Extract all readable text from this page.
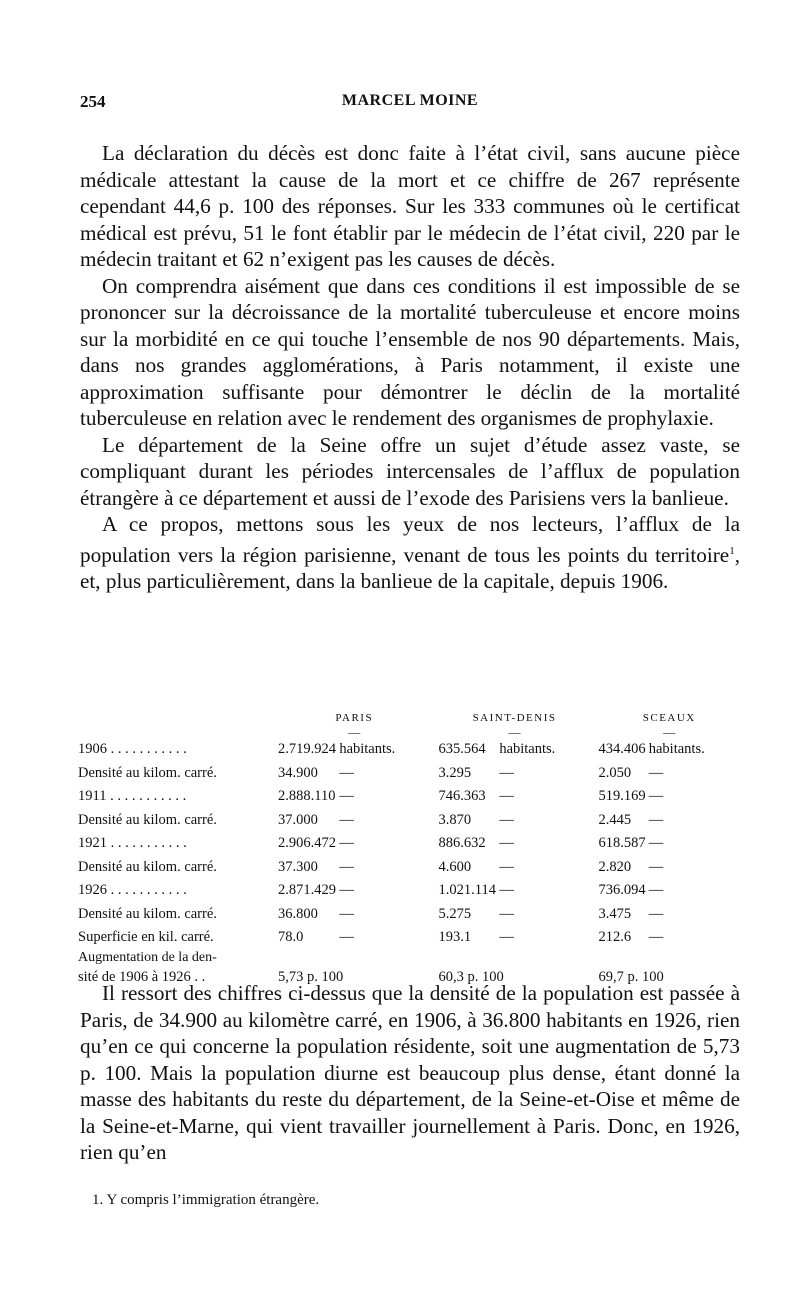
254	MARCEL MOINE

La déclaration du décès est donc faite à l’état civil, sans aucune pièce médicale attestant la cause de la mort et ce chiffre de 267 représente cependant 44,6 p. 100 des réponses. Sur les 333 communes où le certificat médical est prévu, 51 le font établir par le médecin de l’état civil, 220 par le médecin traitant et 62 n’exigent pas les causes de décès.

On comprendra aisément que dans ces conditions il est impossible de se prononcer sur la décroissance de la mortalité tuberculeuse et encore moins sur la morbidité en ce qui touche l’ensemble de nos 90 départements. Mais, dans nos grandes agglomérations, à Paris notamment, il existe une approximation suffisante pour démontrer le déclin de la mortalité tuberculeuse en relation avec le rendement des organismes de prophylaxie.

Le département de la Seine offre un sujet d’étude assez vaste, se compliquant durant les périodes intercensales de l’afflux de population étrangère à ce département et aussi de l’exode des Parisiens vers la banlieue.

A ce propos, mettons sous les yeux de nos lecteurs, l’afflux de la population vers la région parisienne, venant de tous les points du territoire$^1$, et, plus particulièrement, dans la banlieue de la capitale, depuis 1906.

	PARIS			SAINT-DENIS			SCEAUX		
	—			—			—		
1906 . . . . . . . . . . .	2.719.924	habitants.		635.564	habitants.		434.406	habitants.	
Densité au kilom. carré.	34.900	—		3.295	—		2.050	—	
1911 . . . . . . . . . . .	2.888.110	—		746.363	—		519.169	—	
Densité au kilom. carré.	37.000	—		3.870	—		2.445	—	
1921 . . . . . . . . . . .	2.906.472	—		886.632	—		618.587	—	
Densité au kilom. carré.	37.300	—		4.600	—		2.820	—	
1926 . . . . . . . . . . .	2.871.429	—		1.021.114	—		736.094	—	
Densité au kilom. carré.	36.800	—		5.275	—		3.475	—	
Superficie en kil. carré.	78.0	—		193.1	—		212.6	—	

Augmentation de la den-
sité de 1906 à 1926 . .	5,73 p. 100			60,3 p. 100			69,7 p. 100		

Il ressort des chiffres ci-dessus que la densité de la population est passée à Paris, de 34.900 au kilomètre carré, en 1906, à 36.800 habitants en 1926, rien qu’en ce qui concerne la population résidente, soit une augmentation de 5,73 p. 100. Mais la population diurne est beaucoup plus dense, étant donné la masse des habitants du reste du département, de la Seine-et-Oise et même de la Seine-et-Marne, qui vient travailler journellement à Paris. Donc, en 1926, rien qu’en

1. Y compris l’immigration étrangère.
